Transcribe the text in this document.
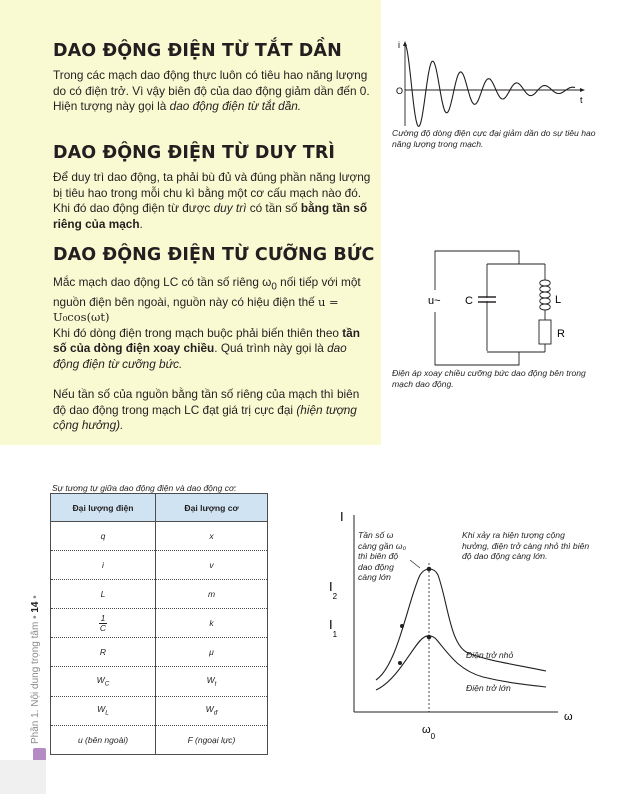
DAO ĐỘNG ĐIỆN TỪ TẮT DẦN

Trong các mạch dao động thực luôn có tiêu hao năng lượng do có điện trở. Vì vậy biên độ của dao động giảm dần đến 0. Hiện tượng này gọi là dao động điện từ tắt dần.

DAO ĐỘNG ĐIỆN TỪ DUY TRÌ

Để duy trì dao động, ta phải bù đủ và đúng phần năng lượng bị tiêu hao trong mỗi chu kì bằng một cơ cấu mạch nào đó. Khi đó dao động điện từ được duy trì có tần số bằng tần số riêng của mạch.

DAO ĐỘNG ĐIỆN TỪ CƯỠNG BỨC

Mắc mạch dao động LC có tần số riêng $\omega_0$ nối tiếp với một nguồn điện bên ngoài, nguồn này có hiệu điện thế u = U₀cos(ωt)

Khi đó dòng điện trong mạch buộc phải biến thiên theo tần số của dòng điện xoay chiều. Quá trình này gọi là dao động điện từ cưỡng bức.

Nếu tần số của nguồn bằng tần số riêng của mạch thì biên độ dao động trong mạch LC đạt giá trị cực đại (hiện tượng cộng hưởng).

i
t
O
Cường độ dòng điện cực đại giảm dần do sự tiêu hao năng lượng trong mạch.
u~ C	L
R
Điện áp xoay chiều cưỡng bức dao động bên trong mạch dao động.
Sự tương tự giữa dao động điện và dao động cơ:
Đại lượng điện	Đại lượng cơ
q	x
i	v
L	m

$\frac{1}{C}$	k
R	μ
$W_C$	$W_t$
$W_L$	$W_đ$
u (bên ngoài)	F (ngoại lực)
I
ω
$I_2$
$I_1$
$\omega_0$
Tần số ω
càng gần ω₀
thì biên độ
dao động
càng lớn
Khi xảy ra hiện tượng cộng hưởng, điện trở càng nhỏ thì biên độ dao động càng lớn.
Điện trở nhỏ
Điện trở lớn
Phần 1. Nội dung trọng tâm • 14 •
